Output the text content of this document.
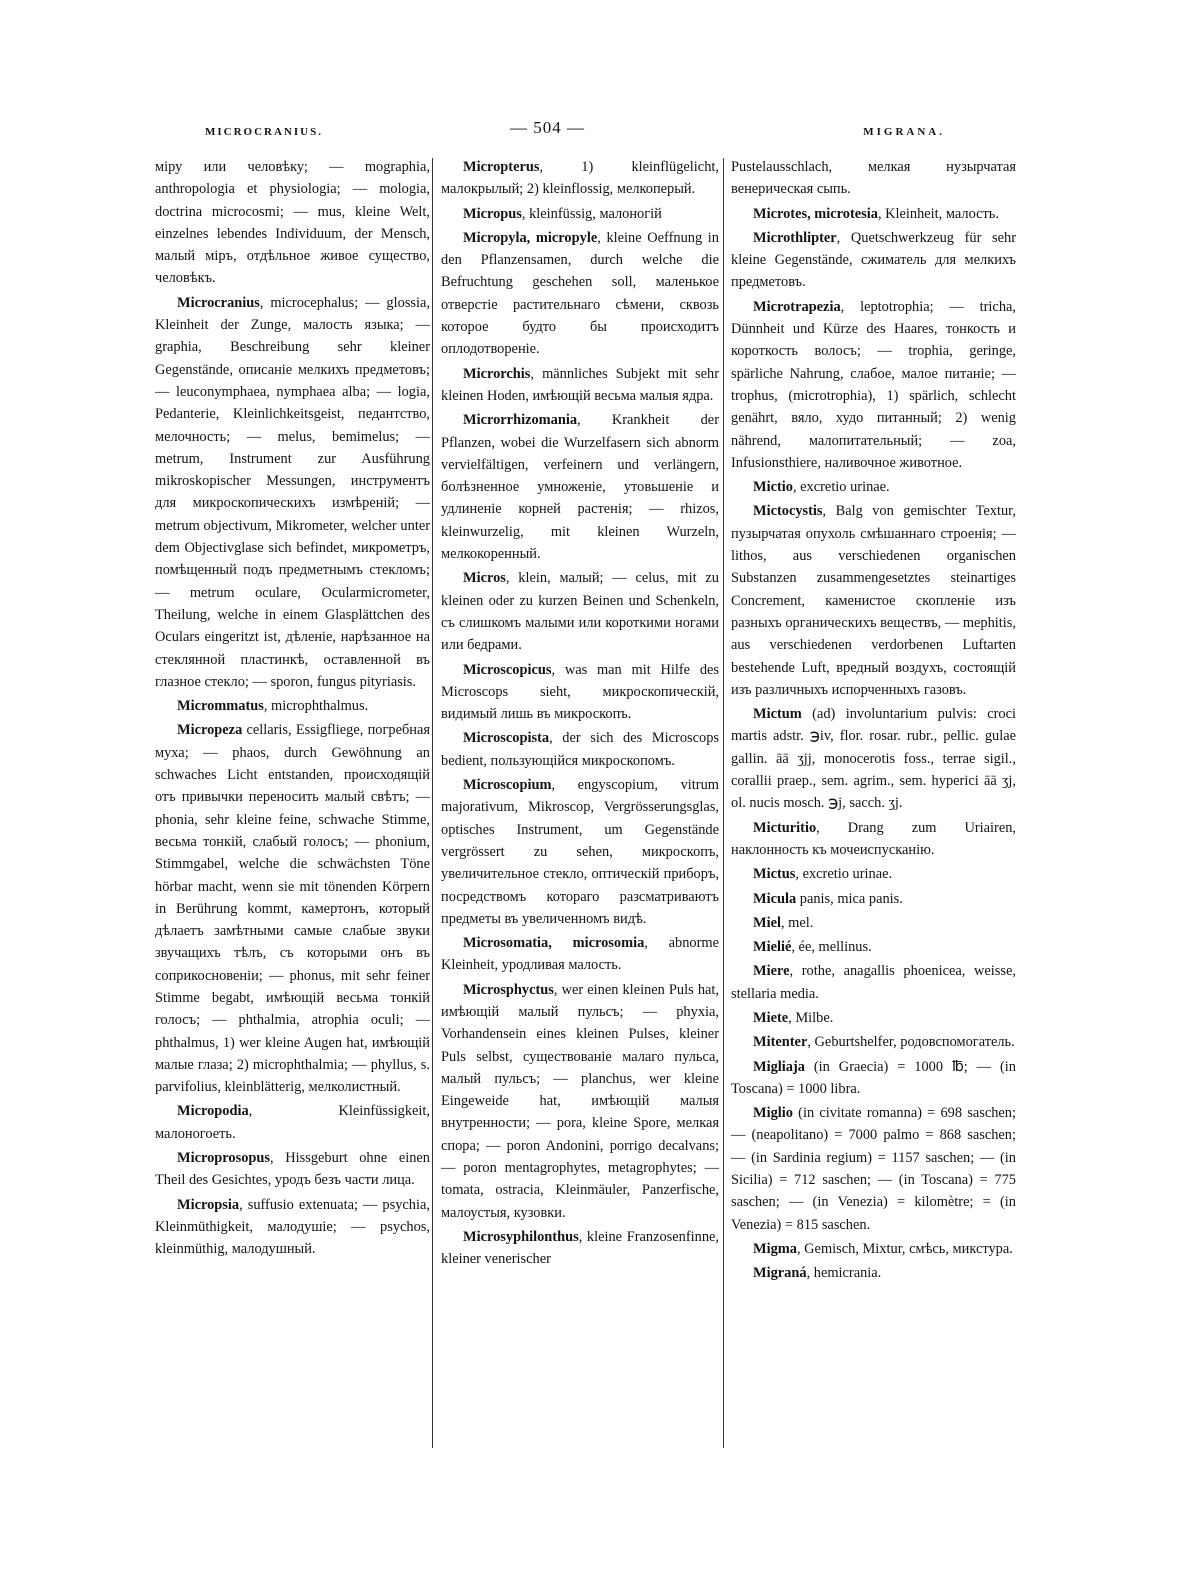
MICROCRANIUS.	— 504 —	MIGRANA.

міру или человѣку; — mographia, anthropologia et physiologia; — mologia, doctrina microcosmi; — mus, kleine Welt, einzelnes lebendes Individuum, der Mensch, малый міръ, отдѣльное живое существо, человѣкъ.

Microcranius, microcephalus; — glossia, Kleinheit der Zunge, малость языка; — graphia, Beschreibung sehr kleiner Gegenstände, описаніе мелкихъ предметовъ; — leuconymphaea, nymphaea alba; — logia, Pedanterie, Kleinlichkeitsgeist, педантство, мелочность; — melus, bemimelus; — metrum, Instrument zur Ausführung mikroskopischer Messungen, инструментъ для микроскопическихъ измѣреній; — metrum objectivum, Mikrometer, welcher unter dem Objectivglase sich befindet, микрометръ, помѣщенный подъ предметнымъ стекломъ; — metrum oculare, Ocularmicrometer, Theilung, welche in einem Glasplättchen des Oculars eingeritzt ist, дѣленіе, нарѣзанное на стеклянной пластинкѣ, оставленной въ глазное стекло; — sporon, fungus pityriasis.

Micrommatus, microphthalmus.

Micropeza cellaris, Essigfliege, погребная муха; — phaos, durch Gewöhnung an schwaches Licht entstanden, происходящій отъ привычки переносить малый свѣтъ; — phonia, sehr kleine feine, schwache Stimme, весьма тонкій, слабый голосъ; — phonium, Stimmgabel, welche die schwächsten Töne hörbar macht, wenn sie mit tönenden Körpern in Berührung kommt, камертонъ, который дѣлаетъ замѣтными самые слабые звуки звучащихъ тѣлъ, съ которыми онъ въ соприкосновеніи; — phonus, mit sehr feiner Stimme begabt, имѣющій весьма тонкій голосъ; — phthalmia, atrophia oculi; — phthalmus, 1) wer kleine Augen hat, имѣющій малые глаза; 2) microphthalmia; — phyllus, s. parvifolius, kleinblätterig, мелколистный.

Micropodia, Kleinfüssigkeit, малоногоеть.

Microprosopus, Hissgeburt ohne einen Theil des Gesichtes, уродъ безъ части лица.

Micropsia, suffusio extenuata; — psychia, Kleinmüthigkeit, малодушіе; — psychos, kleinmüthig, малодушный.

Micropterus, 1) kleinflügelicht, малокрылый; 2) kleinflossig, мелкоперый.

Micropus, kleinfüssig, малоногій

Micropyla, micropyle, kleine Oeffnung in den Pflanzensamen, durch welche die Befruchtung geschehen soll, маленькое отверстіе растительнаго сѣмени, сквозь которое будто бы происходитъ оплодотвореніе.

Microrchis, männliches Subjekt mit sehr kleinen Hoden, имѣющій весьма малыя ядра.

Microrrhizomania, Krankheit der Pflanzen, wobei die Wurzelfasern sich abnorm vervielfältigen, verfeinern und verlängern, болѣзненное умноженіе, утовьшеніе и удлиненіе корней растенія; — rhizos, kleinwurzelig, mit kleinen Wurzeln, мелкокоренный.

Micros, klein, малый; — celus, mit zu kleinen oder zu kurzen Beinen und Schenkeln, съ слишкомъ малыми или короткими ногами или бедрами.

Microscopicus, was man mit Hilfe des Microscops sieht, микроскопическій, видимый лишь въ микроскопъ.

Microscopista, der sich des Microscops bedient, пользующійся микроскопомъ.

Microscopium, engyscopium, vitrum majorativum, Mikroscop, Vergrösserungsglas, optisches Instrument, um Gegenstände vergrössert zu sehen, микроскопъ, увеличительное стекло, оптическій приборъ, посредствомъ котораго разсматриваютъ предметы въ увеличенномъ видѣ.

Microsomatia, microsomia, abnorme Kleinheit, уродливая малость.

Microsphyctus, wer einen kleinen Puls hat, имѣющій малый пульсъ; — phyxia, Vorhandensein eines kleinen Pulses, kleiner Puls selbst, существованіе малаго пульса, малый пульсъ; — planchus, wer kleine Eingeweide hat, имѣющій малыя внутренности; — pora, kleine Spore, мелкая спора; — poron Andonini, porrigo decalvans; — poron mentagrophytes, metagrophytes; — tomata, ostracia, Kleinmäuler, Panzerfische, малоустыя, кузовки.

Microsyphilonthus, kleine Franzosenfinne, kleiner venerischer

Pustelausschlach, мелкая нузырчатая венерическая сыпь.

Microtes, microtesia, Kleinheit, малость.

Microthlipter, Quetschwerkzeug für sehr kleine Gegenstände, сжиматель для мелкихъ предметовъ.

Microtrapezia, leptotrophia; — tricha, Dünnheit und Kürze des Haares, тонкость и короткость волосъ; — trophia, geringe, spärliche Nahrung, слабое, малое питаніе; — trophus, (microtrophia), 1) spärlich, schlecht genährt, вяло, худо питанный; 2) wenig nährend, малопитательный; — zoa, Infusionsthiere, наливочное животное.

Mictio, excretio urinae.

Mictocystis, Balg von gemischter Textur, пузырчатая опухоль смѣшаннаго строенія; — lithos, aus verschiedenen organischen Substanzen zusammengesetztes steinartiges Concrement, каменистое скопленіе изъ разныхъ органическихъ веществъ, — mephitis, aus verschiedenen verdorbenen Luftarten bestehende Luft, вредный воздухъ, состоящій изъ различныхъ испорченныхъ газовъ.

Mictum (ad) involuntarium pulvis: croci martis adstr. ℈iv, flor. rosar. rubr., pellic. gulae gallin. āā ʒjj, monocerotis foss., terrae sigil., corallii praep., sem. agrim., sem. hyperici āā ʒj, ol. nucis mosch. ℈j, sacch. ʒj.

Micturitio, Drang zum Uriairen, наклонность къ мочеиспусканію.

Mictus, excretio urinae.

Micula panis, mica panis.

Miel, mel.

Mielié, ée, mellinus.

Miere, rothe, anagallis phoenicea, weisse, stellaria media.

Miete, Milbe.

Mitenter, Geburtshelfer, родовспомогатель.

Migliaja (in Graecia) = 1000 ℔; — (in Toscana) = 1000 libra.

Miglio (in civitate romanna) = 698 saschen; — (neapolitano) = 7000 palmo = 868 saschen; — (in Sardinia regium) = 1157 saschen; — (in Sicilia) = 712 saschen; — (in Toscana) = 775 saschen; — (in Venezia) = kilomètre; = (in Venezia) = 815 saschen.

Migma, Gemisch, Mixtur, смѣсь, микстура.

Migraná, hemicrania.
